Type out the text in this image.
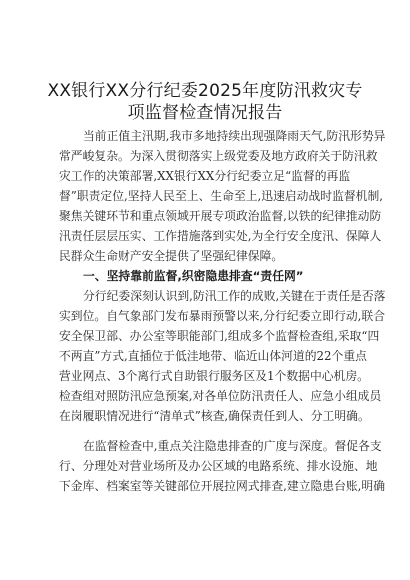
XX银行XX分行纪委2025年度防汛救灾专
项监督检查情况报告
当前正值主汛期,我市多地持续出现强降雨天气,防汛形势异
常严峻复杂。为深入贯彻落实上级党委及地方政府关于防汛救
灾工作的决策部署,XX银行XX分行纪委立足“监督的再监
督”职责定位,坚持人民至上、生命至上,迅速启动战时监督机制,
聚焦关键环节和重点领域开展专项政治监督,以铁的纪律推动防
汛责任层层压实、工作措施落到实处,为全行安全度汛、保障人
民群众生命财产安全提供了坚强纪律保障。
一、坚持靠前监督,织密隐患排查“责任网”
分行纪委深刻认识到,防汛工作的成败,关键在于责任是否落
实到位。自气象部门发布暴雨预警以来,分行纪委立即行动,联合
安全保卫部、办公室等职能部门,组成多个监督检查组,采取“四
不两直”方式,直插位于低洼地带、临近山体河道的22个重点
营业网点、3个离行式自助银行服务区及1个数据中心机房。
检查组对照防汛应急预案,对各单位防汛责任人、应急小组成员
在岗履职情况进行“清单式”核查,确保责任到人、分工明确。
在监督检查中,重点关注隐患排查的广度与深度。督促各支
行、分理处对营业场所及办公区域的电路系统、排水设施、地
下金库、档案室等关键部位开展拉网式排查,建立隐患台账,明确
